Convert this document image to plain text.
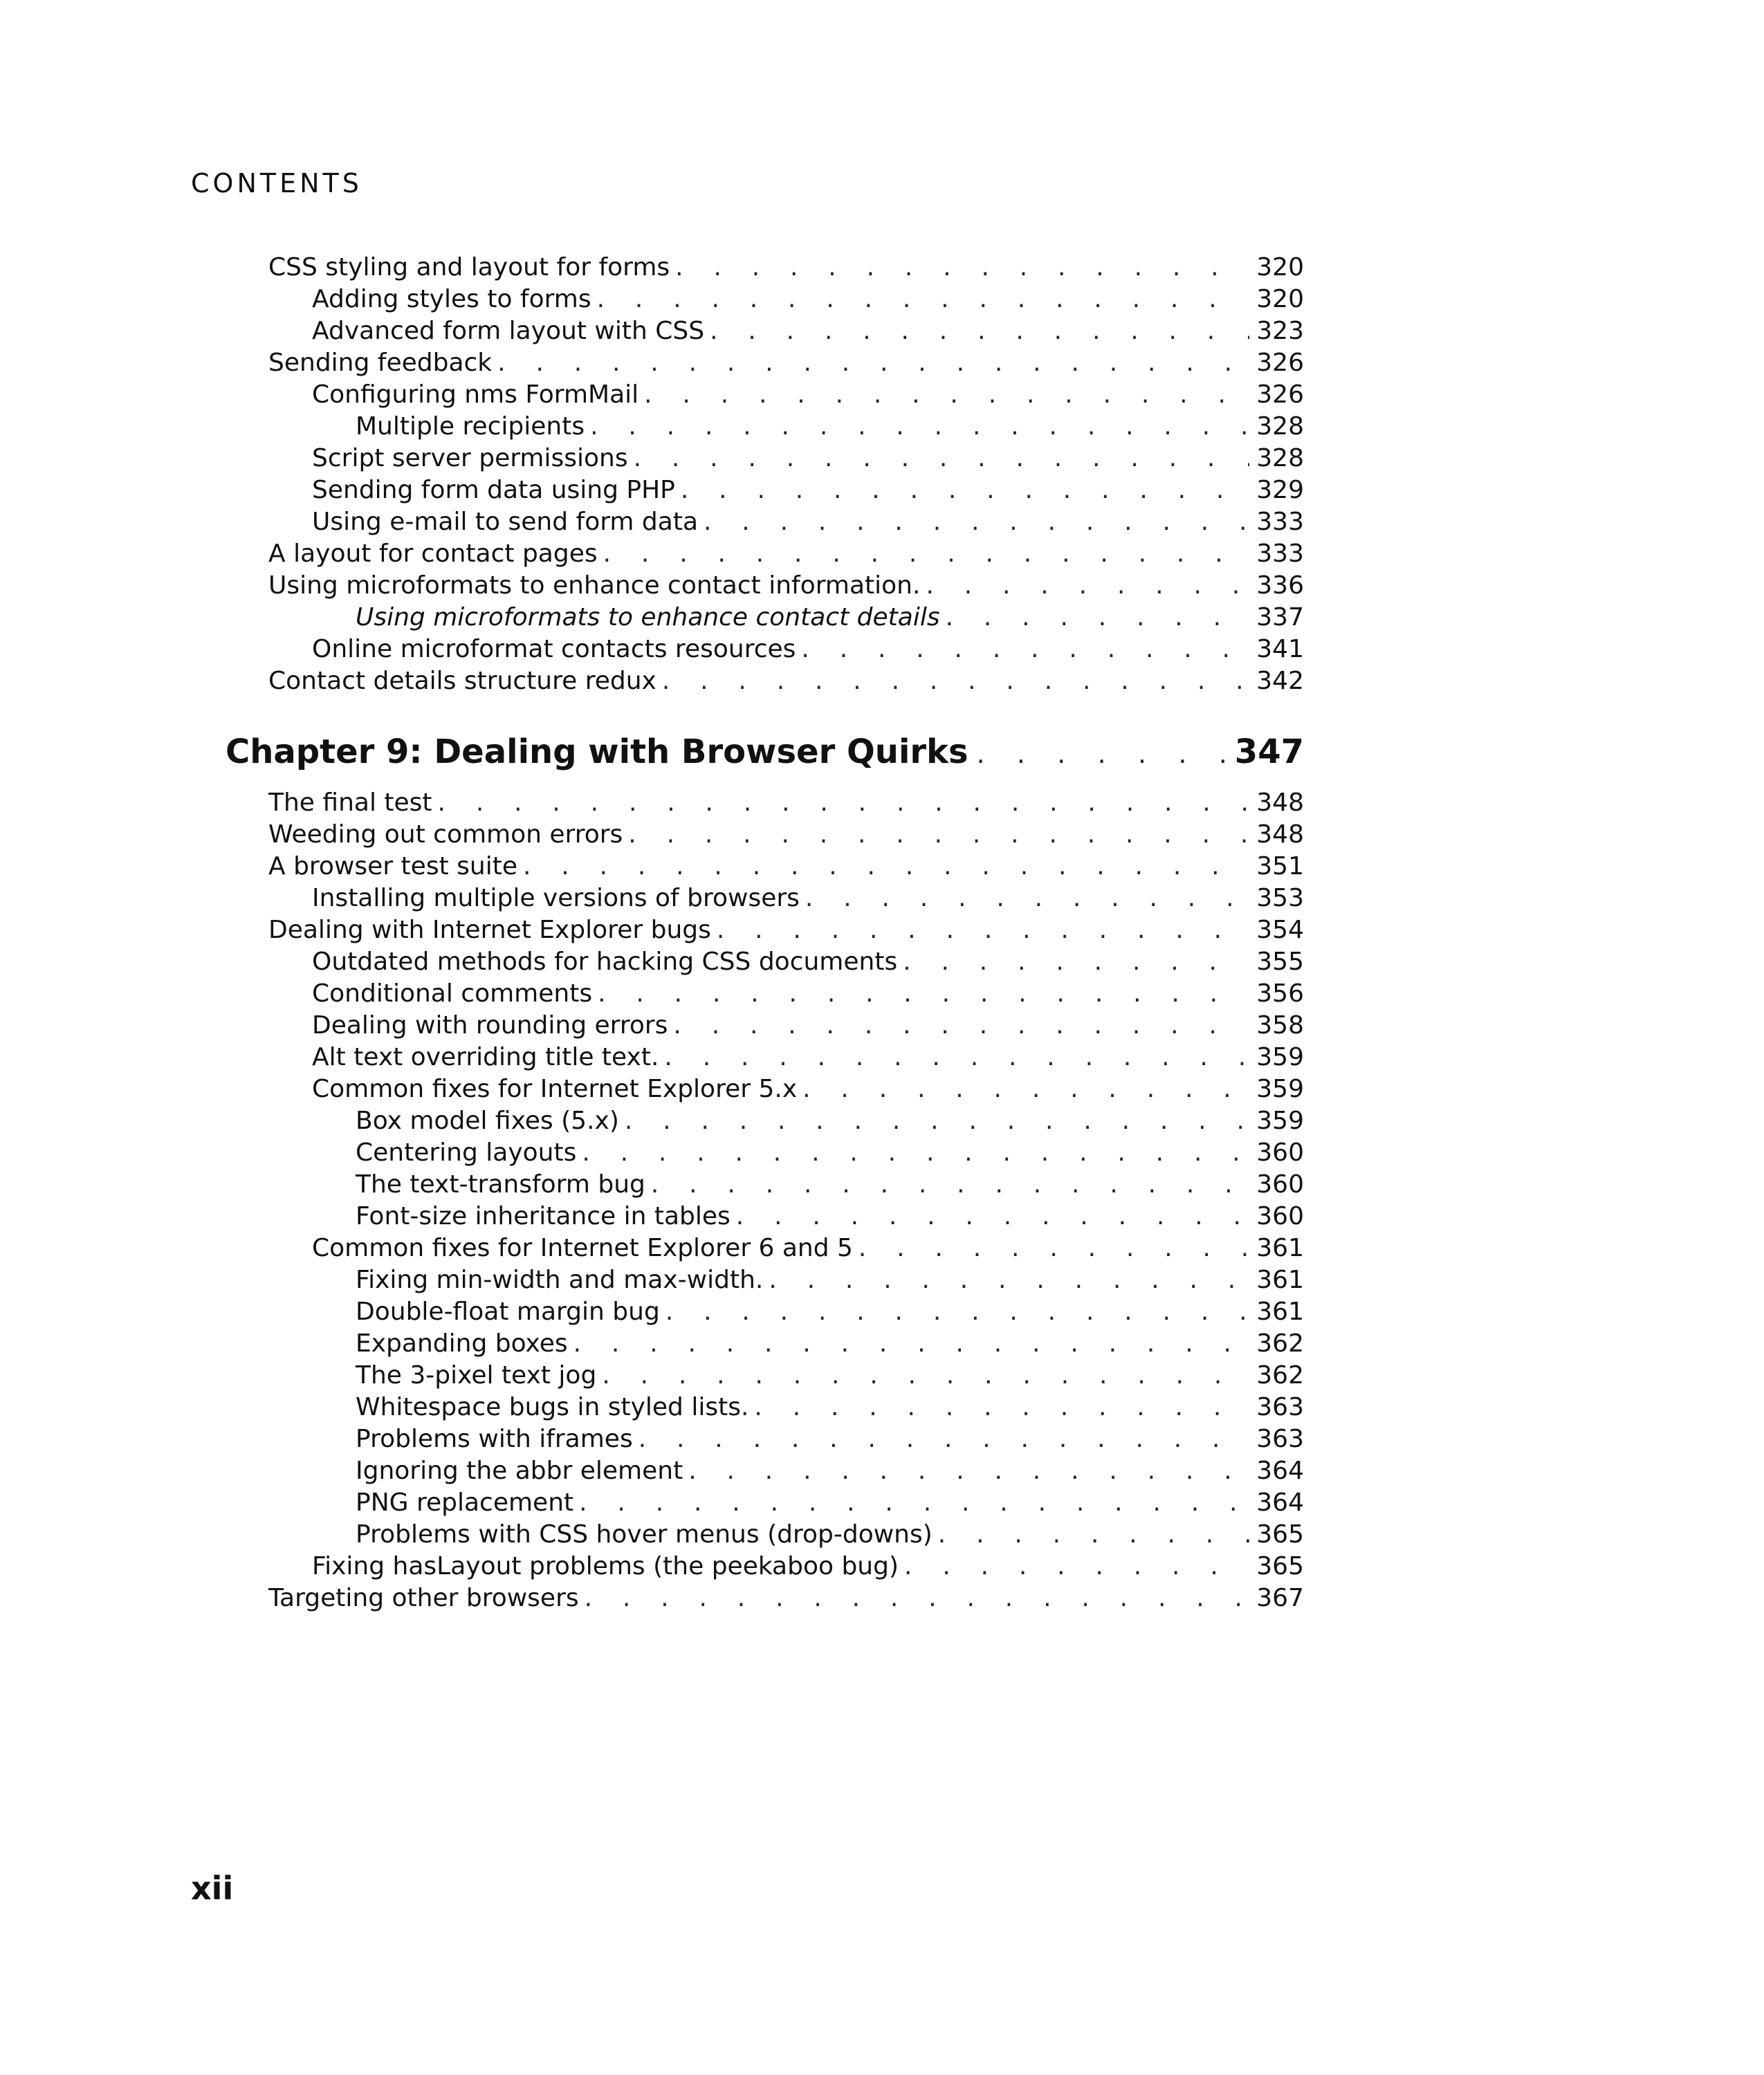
CONTENTS
CSS styling and layout for forms . . .	320
Adding styles to forms . . .	320
Advanced form layout with CSS . . .	323
Sending feedback . . .	326
Configuring nms FormMail . . .	326
Multiple recipients . . .	328
Script server permissions . . .	328
Sending form data using PHP . . .	329
Using e-mail to send form data . . .	333
A layout for contact pages . . .	333
Using microformats to enhance contact information. . . .	336
Using microformats to enhance contact details . . .	337
Online microformat contacts resources . . .	341
Contact details structure redux . . .	342
Chapter 9: Dealing with Browser Quirks . . .	347
The final test . . .	348
Weeding out common errors . . .	348
A browser test suite . . .	351
Installing multiple versions of browsers . . .	353
Dealing with Internet Explorer bugs . . .	354
Outdated methods for hacking CSS documents . . .	355
Conditional comments . . .	356
Dealing with rounding errors . . .	358
Alt text overriding title text. . . .	359
Common fixes for Internet Explorer 5.x . . .	359
Box model fixes (5.x) . . .	359
Centering layouts . . .	360
The text-transform bug . . .	360
Font-size inheritance in tables . . .	360
Common fixes for Internet Explorer 6 and 5 . . .	361
Fixing min-width and max-width. . . .	361
Double-float margin bug . . .	361
Expanding boxes . . .	362
The 3-pixel text jog . . .	362
Whitespace bugs in styled lists. . . .	363
Problems with iframes . . .	363
Ignoring the abbr element . . .	364
PNG replacement . . .	364
Problems with CSS hover menus (drop-downs) . . .	365
Fixing hasLayout problems (the peekaboo bug) . . .	365
Targeting other browsers . . .	367
xii
